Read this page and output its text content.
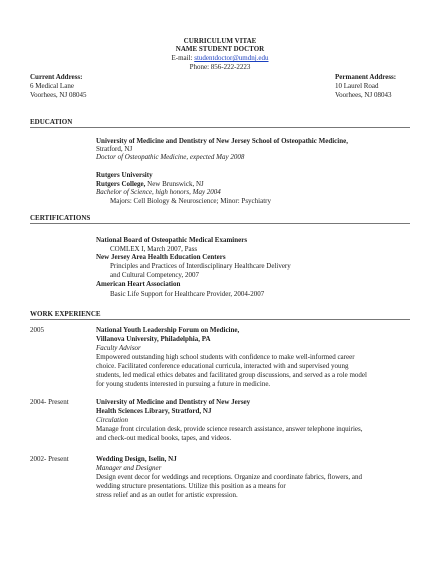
CURRICULUM VITAE
NAME STUDENT DOCTOR
E-mail: studentdoctor@umdnj.edu
Phone: 856-222-2223
Current Address:
6 Medical Lane
Voorhees, NJ 08045
Permanent Address:
10 Laurel Road
Voorhees, NJ 08043
EDUCATION
University of Medicine and Dentistry of New Jersey School of Osteopathic Medicine,
Stratford, NJ
Doctor of Osteopathic Medicine, expected May 2008
Rutgers University
Rutgers College, New Brunswick, NJ
Bachelor of Science, high honors, May 2004
Majors: Cell Biology & Neuroscience; Minor: Psychiatry
CERTIFICATIONS
National Board of Osteopathic Medical Examiners
COMLEX I, March 2007, Pass
New Jersey Area Health Education Centers
Principles and Practices of Interdisciplinary Healthcare Delivery
and Cultural Competency, 2007
American Heart Association
Basic Life Support for Healthcare Provider, 2004-2007
WORK EXPERIENCE
2005	National Youth Leadership Forum on Medicine,
Villanova University, Philadelphia, PA
Faculty Advisor
Empowered outstanding high school students with confidence to make well-informed career
choice. Facilitated conference educational curricula, interacted with and supervised young
students, led medical ethics debates and facilitated group discussions, and served as a role model
for young students interested in pursuing a future in medicine.
2004- Present	University of Medicine and Dentistry of New Jersey
Health Sciences Library, Stratford, NJ
Circulation
Manage front circulation desk, provide science research assistance, answer telephone inquiries,
and check-out medical books, tapes, and videos.
2002- Present	Wedding Design, Iselin, NJ
Manager and Designer
Design event decor for weddings and receptions. Organize and coordinate fabrics, flowers, and
wedding structure presentations. Utilize this position as a means for
stress relief and as an outlet for artistic expression.
